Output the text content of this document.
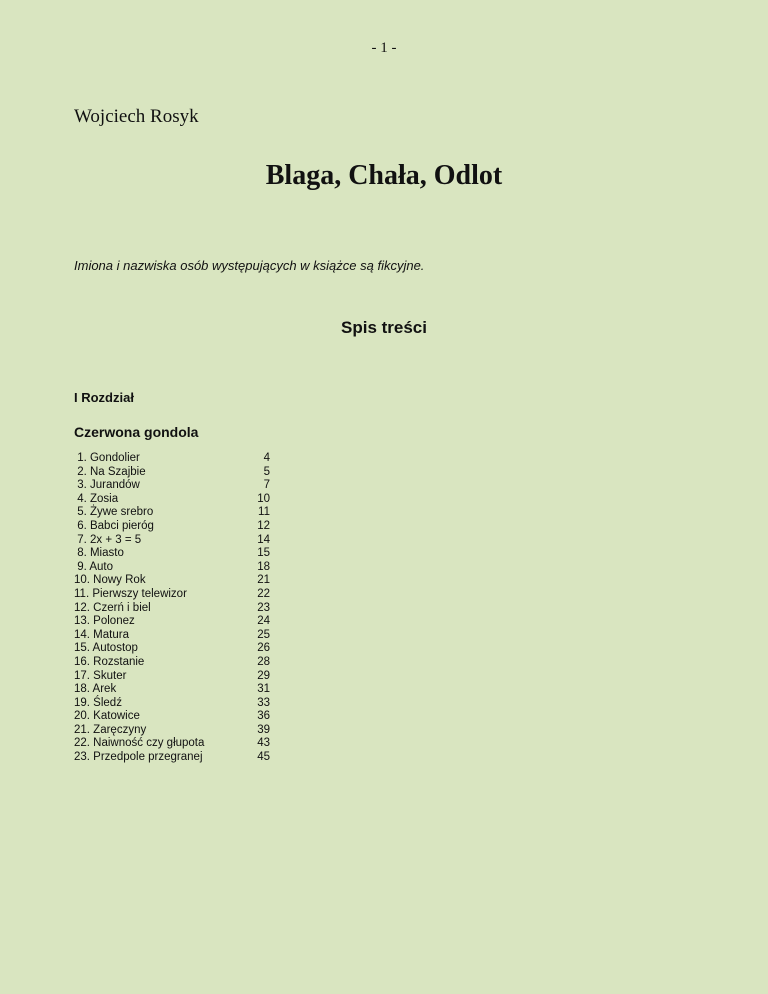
- 1 -
Wojciech Rosyk
Blaga, Chała, Odlot
Imiona i nazwiska osób występujących w książce są fikcyjne.
Spis treści
I Rozdział
Czerwona gondola
1. Gondolier	4
2. Na Szajbie	5
3. Jurandów	7
4. Zosia	10
5. Żywe srebro	11
6. Babci pieróg	12
7. 2x + 3 = 5	14
8. Miasto	15
9. Auto	18
10. Nowy Rok	21
11. Pierwszy telewizor	22
12. Czerń i biel	23
13. Polonez	24
14. Matura	25
15. Autostop	26
16. Rozstanie	28
17. Skuter	29
18. Arek	31
19. Śledź	33
20. Katowice	36
21. Zaręczyny	39
22. Naiwność czy głupota	43
23. Przedpole przegranej	45
